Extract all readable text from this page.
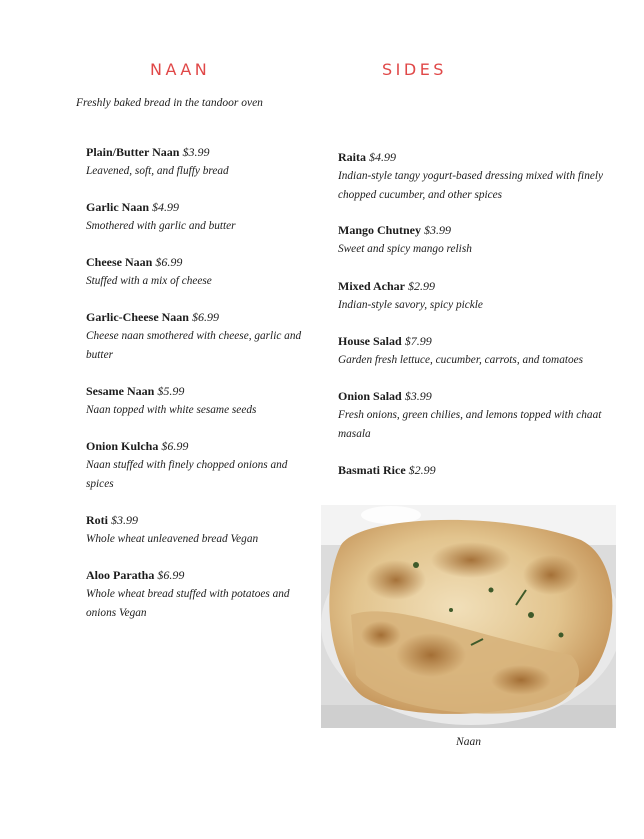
NAAN
Freshly baked bread in the tandoor oven
Plain/Butter Naan $3.99
Leavened, soft, and fluffy bread
Garlic Naan $4.99
Smothered with garlic and butter
Cheese Naan $6.99
Stuffed with a mix of cheese
Garlic-Cheese Naan $6.99
Cheese naan smothered with cheese, garlic and butter
Sesame Naan $5.99
Naan topped with white sesame seeds
Onion Kulcha $6.99
Naan stuffed with finely chopped onions and spices
Roti $3.99
Whole wheat unleavened bread Vegan
Aloo Paratha $6.99
Whole wheat bread stuffed with potatoes and onions Vegan
SIDES
Raita $4.99
Indian-style tangy yogurt-based dressing mixed with finely chopped cucumber, and other spices
Mango Chutney $3.99
Sweet and spicy mango relish
Mixed Achar $2.99
Indian-style savory, spicy pickle
House Salad $7.99
Garden fresh lettuce, cucumber, carrots, and tomatoes
Onion Salad $3.99
Fresh onions, green chilies, and lemons topped with chaat masala
Basmati Rice $2.99
Naan
